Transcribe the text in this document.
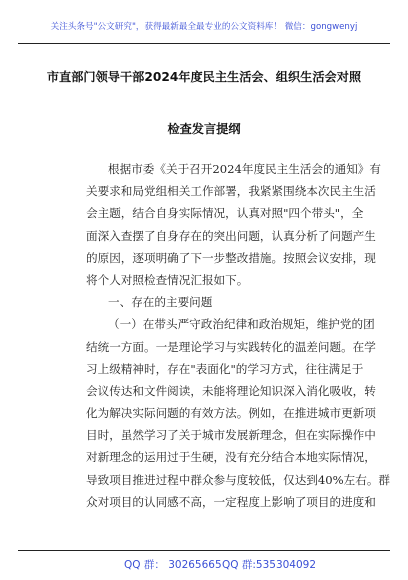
关注头条号"公文研究"，获得最新最全最专业的公文资料库！ 微信：gongwenyj
市直部门领导干部2024年度民主生活会、组织生活会对照
检查发言提纲
根据市委《关于召开2024年度民主生活会的通知》有
关要求和局党组相关工作部署，我紧紧围绕本次民主生活
会主题，结合自身实际情况，认真对照"四个带头"，全
面深入查摆了自身存在的突出问题，认真分析了问题产生
的原因，逐项明确了下一步整改措施。按照会议安排，现
将个人对照检查情况汇报如下。
一、存在的主要问题
（一）在带头严守政治纪律和政治规矩，维护党的团
结统一方面。一是理论学习与实践转化的温差问题。在学
习上级精神时，存在"表面化"的学习方式，往往满足于
会议传达和文件阅读，未能将理论知识深入消化吸收，转
化为解决实际问题的有效方法。例如，在推进城市更新项
目时，虽然学习了关于城市发展新理念，但在实际操作中
对新理念的运用过于生硬，没有充分结合本地实际情况，
导致项目推进过程中群众参与度较低，仅达到40%左右。群
众对项目的认同感不高，一定程度上影响了项目的进度和
QQ 群： 30265665 QQ 群:535304092
